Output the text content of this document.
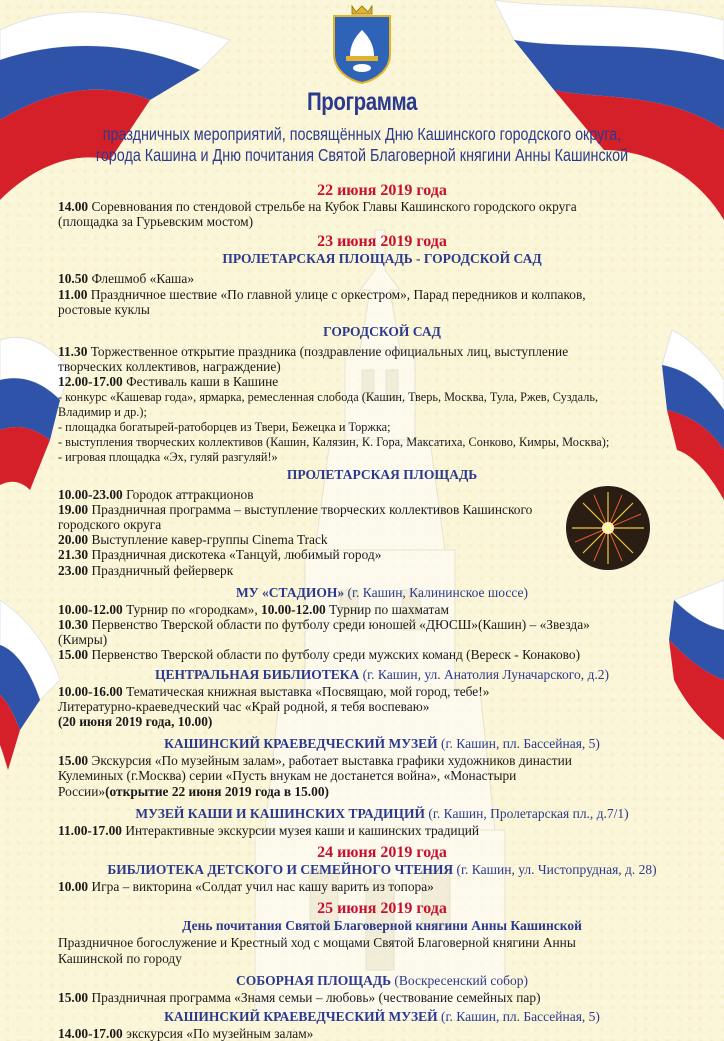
Программа
праздничных мероприятий, посвящённых Дню Кашинского городского округа,
города Кашина и Дню почитания Святой Благоверной княгини Анны Кашинской

22 июня 2019 года

14.00 Соревнования по стендовой стрельбе на Кубок Главы Кашинского городского округа

(площадка за Гурьевским мостом)

23 июня 2019 года

ПРОЛЕТАРСКАЯ ПЛОЩАДЬ - ГОРОДСКОЙ САД

10.50 Флешмоб «Каша»

11.00 Праздничное шествие «По главной улице с оркестром», Парад передников и колпаков,

ростовые куклы

ГОРОДСКОЙ САД

11.30 Торжественное открытие праздника (поздравление официальных лиц, выступление

творческих коллективов, награждение)

12.00-17.00 Фестиваль каши в Кашине

- конкурс «Кашевар года», ярмарка, ремесленная слобода (Кашин, Тверь, Москва, Тула, Ржев, Суздаль,

Владимир и др.);

- площадка богатырей-ратоборцев из Твери, Бежецка и Торжка;

- выступления творческих коллективов (Кашин, Калязин, К. Гора, Максатиха, Сонково, Кимры, Москва);

- игровая площадка «Эх, гуляй разгуляй!»

ПРОЛЕТАРСКАЯ ПЛОЩАДЬ

10.00-23.00 Городок аттракционов

19.00 Праздничная программа – выступление творческих коллективов Кашинского

городского округа

20.00 Выступление кавер-группы Cinema Track

21.30 Праздничная дискотека «Танцуй, любимый город»

23.00 Праздничный фейерверк

МУ «СТАДИОН» (г. Кашин, Калининское шоссе)

10.00-12.00 Турнир по «городкам», 10.00-12.00 Турнир по шахматам

10.30 Первенство Тверской области по футболу среди юношей «ДЮСШ»(Кашин) – «Звезда»

(Кимры)

15.00 Первенство Тверской области по футболу среди мужских команд (Вереск - Конаково)

ЦЕНТРАЛЬНАЯ БИБЛИОТЕКА (г. Кашин, ул. Анатолия Луначарского, д.2)

10.00-16.00 Тематическая книжная выставка «Посвящаю, мой город, тебе!»

Литературно-краеведческий час «Край родной, я тебя воспеваю»

(20 июня 2019 года, 10.00)

КАШИНСКИЙ КРАЕВЕДЧЕСКИЙ МУЗЕЙ (г. Кашин, пл. Бассейная, 5)

15.00 Экскурсия «По музейным залам», работает выставка графики художников династии

Кулеминых (г.Москва) серии «Пусть внукам не достанется война», «Монастыри

России»(открытие 22 июня 2019 года в 15.00)

МУЗЕЙ КАШИ И КАШИНСКИХ ТРАДИЦИЙ (г. Кашин, Пролетарская пл., д.7/1)

11.00-17.00 Интерактивные экскурсии музея каши и кашинских традиций

24 июня 2019 года

БИБЛИОТЕКА ДЕТСКОГО И СЕМЕЙНОГО ЧТЕНИЯ (г. Кашин, ул. Чистопрудная, д. 28)

10.00 Игра – викторина «Солдат учил нас кашу варить из топора»

25 июня 2019 года

День почитания Святой Благоверной княгини Анны Кашинской

Праздничное богослужение и Крестный ход с мощами Святой Благоверной княгини Анны

Кашинской по городу

СОБОРНАЯ ПЛОЩАДЬ (Воскресенский собор)

15.00 Праздничная программа «Знамя семьи – любовь» (чествование семейных пар)

КАШИНСКИЙ КРАЕВЕДЧЕСКИЙ МУЗЕЙ (г. Кашин, пл. Бассейная, 5)

14.00-17.00 экскурсия «По музейным залам»
